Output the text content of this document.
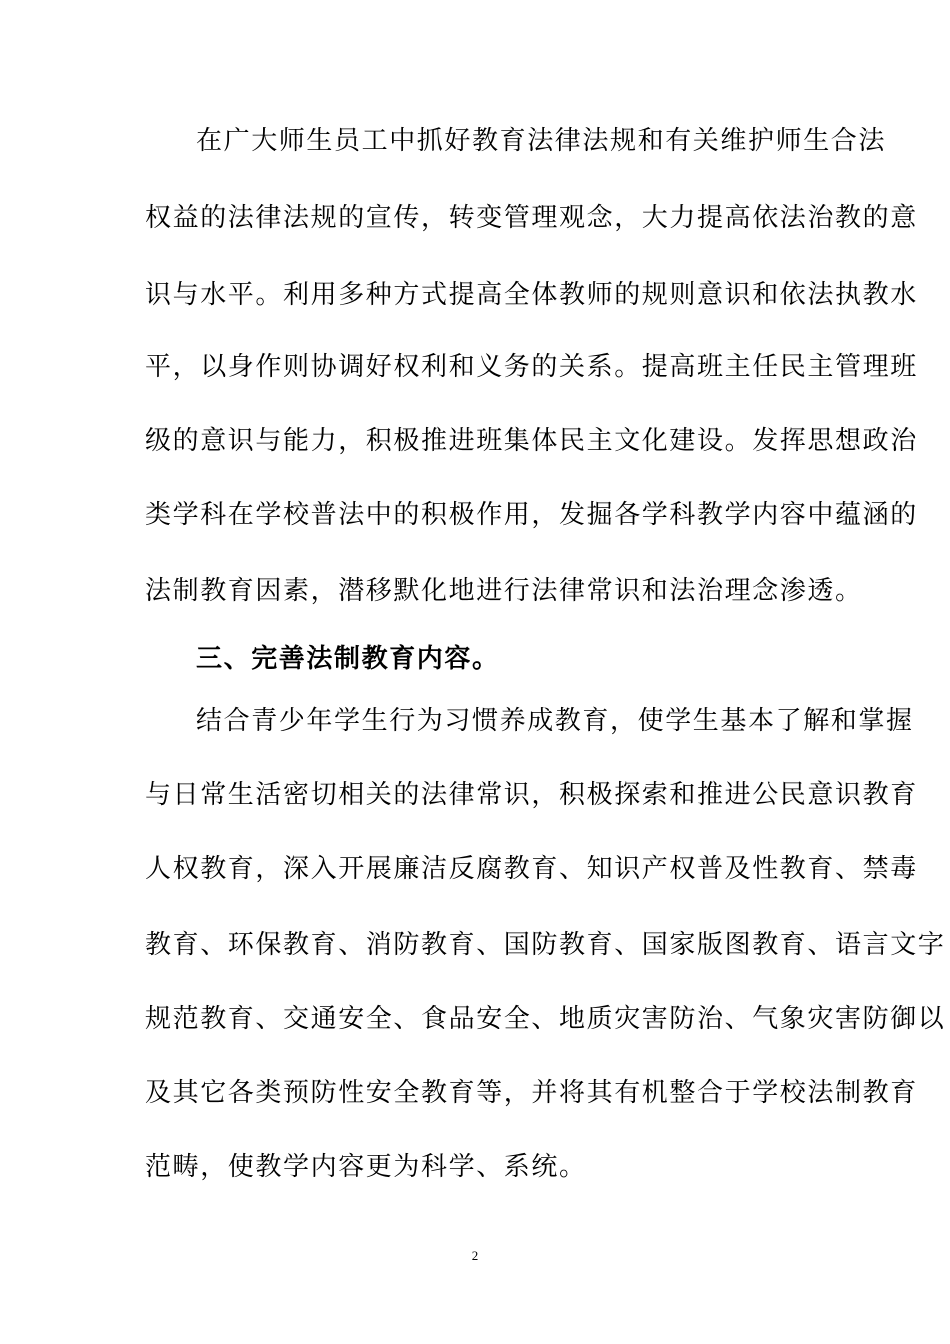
在广大师生员工中抓好教育法律法规和有关维护师生合法
权益的法律法规的宣传，转变管理观念，大力提高依法治教的意
识与水平。利用多种方式提高全体教师的规则意识和依法执教水
平，以身作则协调好权利和义务的关系。提高班主任民主管理班
级的意识与能力，积极推进班集体民主文化建设。发挥思想政治
类学科在学校普法中的积极作用，发掘各学科教学内容中蕴涵的
法制教育因素，潜移默化地进行法律常识和法治理念渗透。
三、完善法制教育内容。
结合青少年学生行为习惯养成教育，使学生基本了解和掌握
与日常生活密切相关的法律常识，积极探索和推进公民意识教育
人权教育，深入开展廉洁反腐教育、知识产权普及性教育、禁毒
教育、环保教育、消防教育、国防教育、国家版图教育、语言文字
规范教育、交通安全、食品安全、地质灾害防治、气象灾害防御以
及其它各类预防性安全教育等，并将其有机整合于学校法制教育
范畴，使教学内容更为科学、系统。
2
